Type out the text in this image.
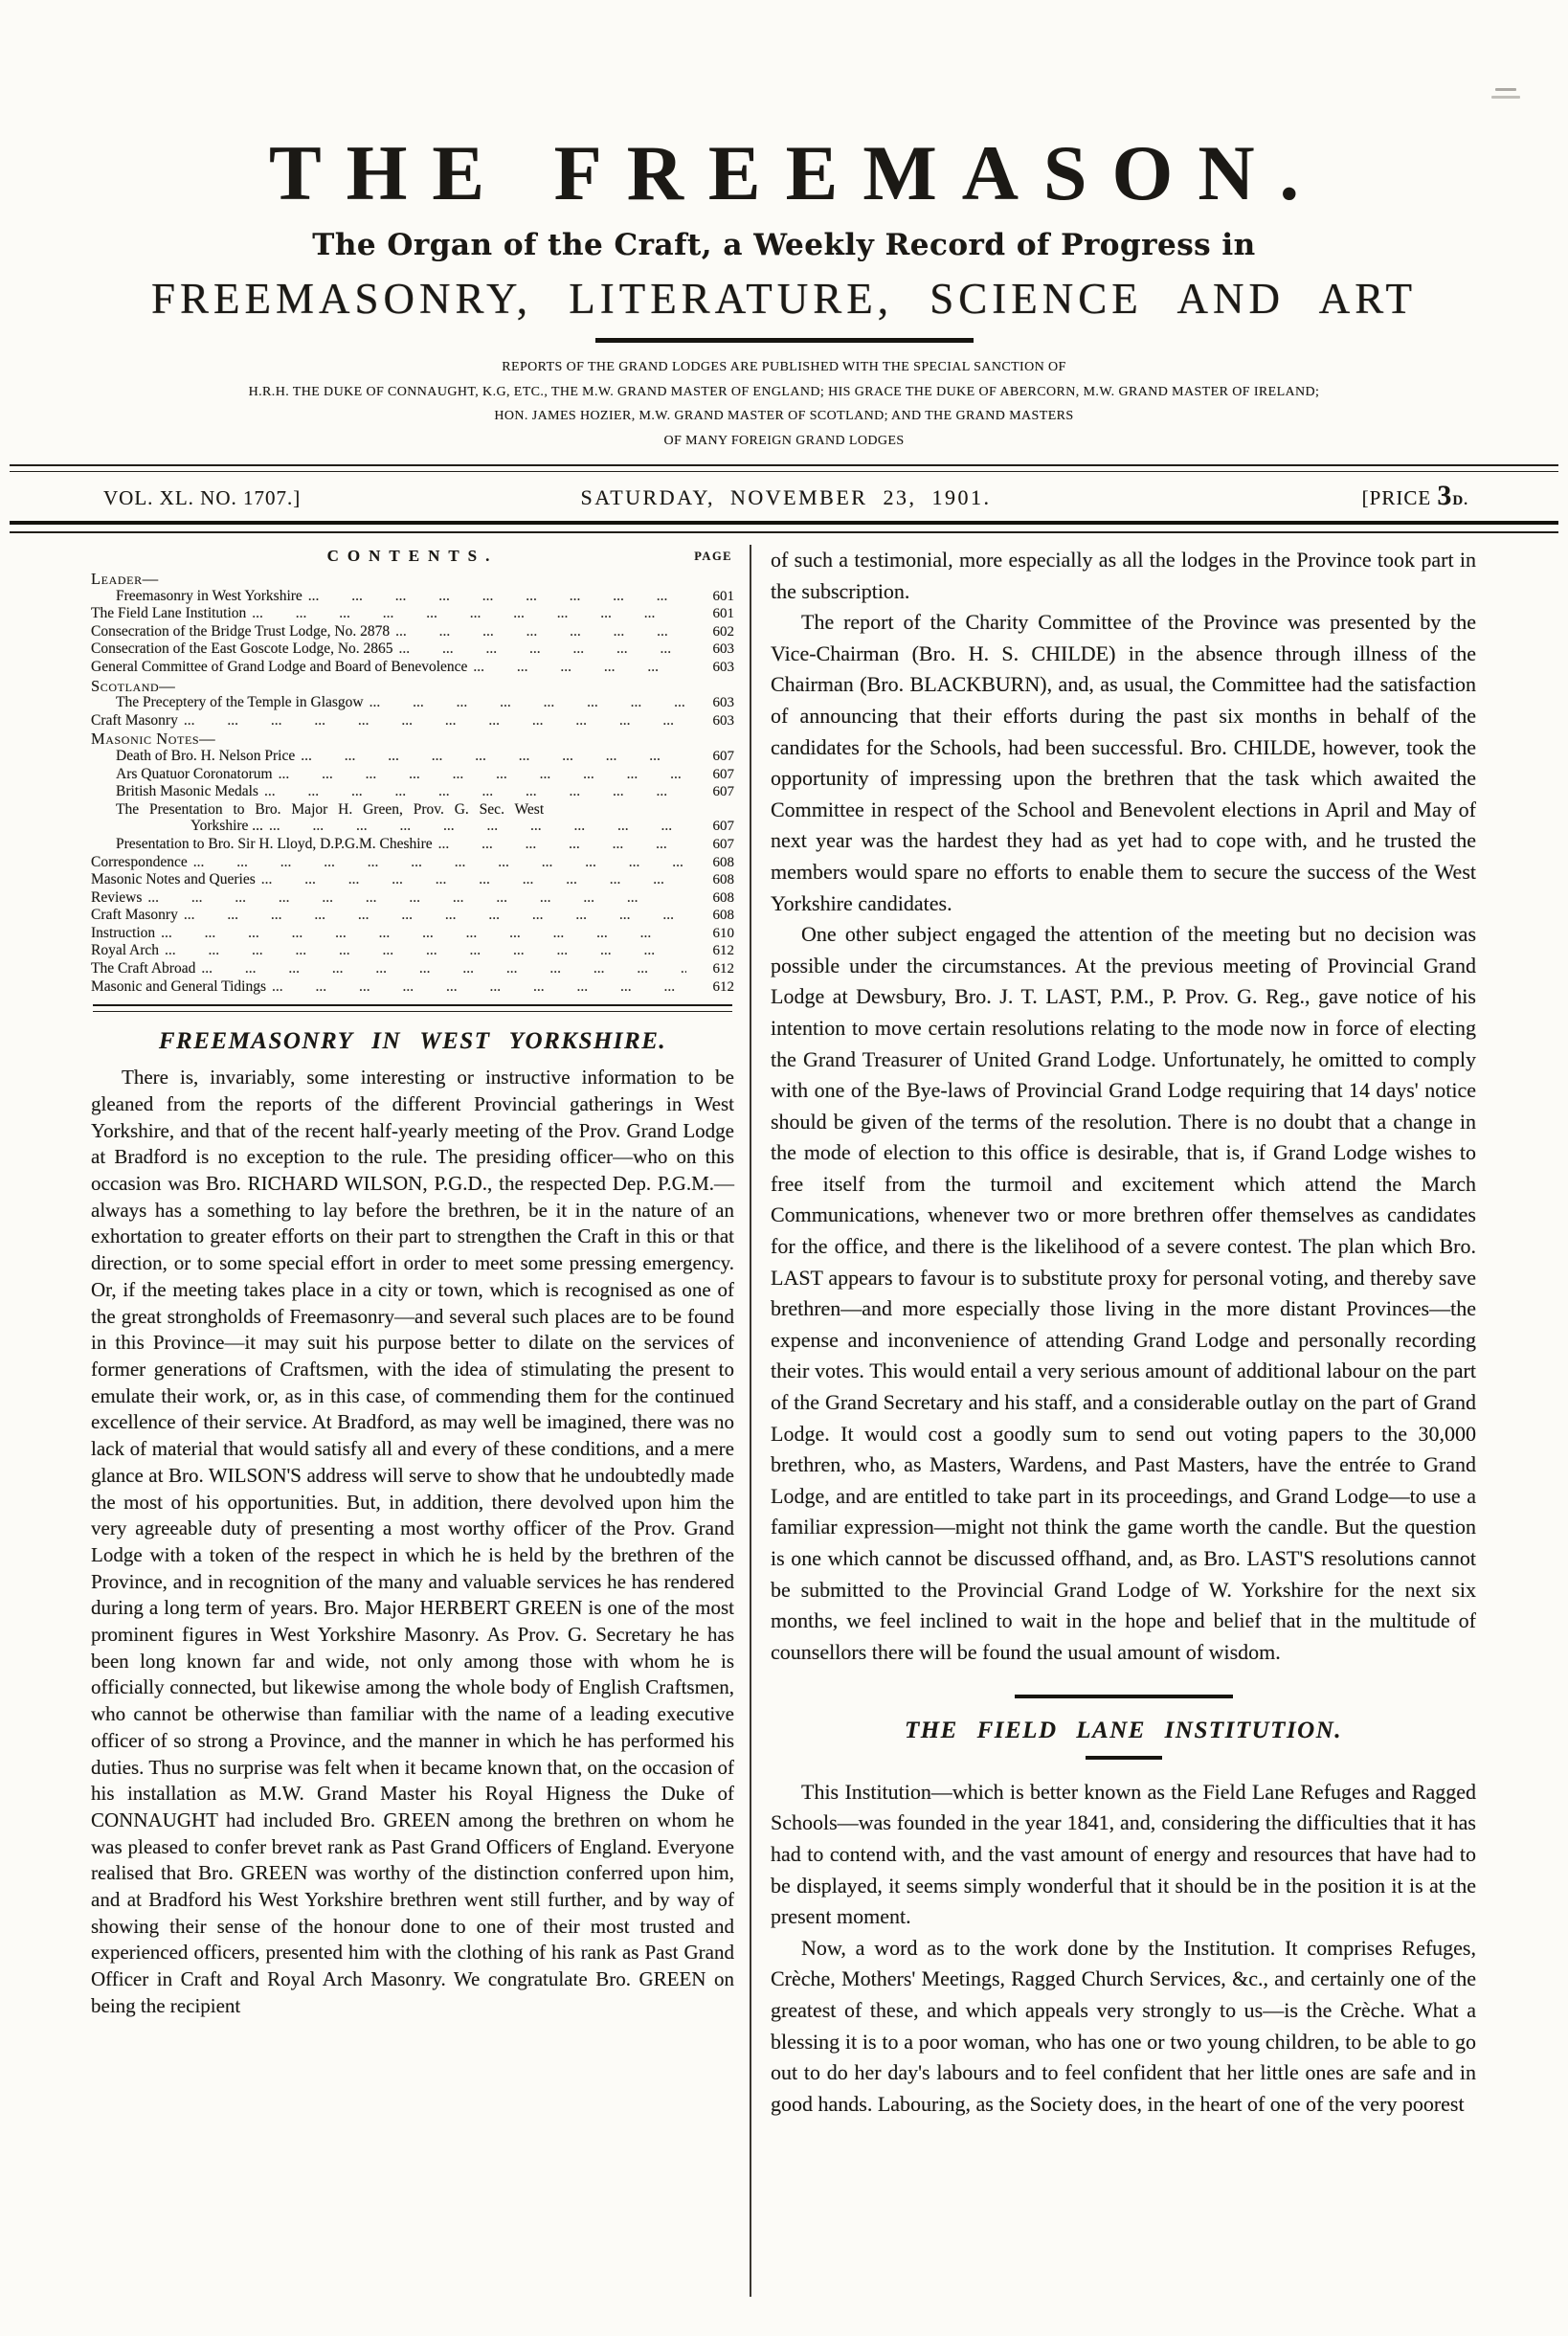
THE FREEMASON.
The Organ of the Craft, a Weekly Record of Progress in
FREEMASONRY, LITERATURE, SCIENCE AND ART
REPORTS OF THE GRAND LODGES ARE PUBLISHED WITH THE SPECIAL SANCTION OF
H.R.H. THE DUKE OF CONNAUGHT, K.G, ETC., THE M.W. GRAND MASTER OF ENGLAND; HIS GRACE THE DUKE OF ABERCORN, M.W. GRAND MASTER OF IRELAND;
HON. JAMES HOZIER, M.W. GRAND MASTER OF SCOTLAND; AND THE GRAND MASTERS
OF MANY FOREIGN GRAND LODGES
VOL. XL. NO. 1707.]	SATURDAY, NOVEMBER 23, 1901.	[PRICE 3D.
CONTENTS.	PAGE
Leader—
Freemasonry in West Yorkshire ... .	601
The Field Lane Institution ... .	601
Consecration of the Bridge Trust Lodge, No. 2878 ... .	602
Consecration of the East Goscote Lodge, No. 2865 ... .	603
General Committee of Grand Lodge and Board of Benevolence ... .	603
Scotland—
The Preceptery of the Temple in Glasgow ... .	603
Craft Masonry ... .	603
Masonic Notes—
Death of Bro. H. Nelson Price ... .	607
Ars Quatuor Coronatorum ... .	607
British Masonic Medals ... .	607
The Presentation to Bro. Major H. Green, Prov. G. Sec. West
Yorkshire ... ... .	607
Presentation to Bro. Sir H. Lloyd, D.P.G.M. Cheshire ... .	607
Correspondence ... .	608
Masonic Notes and Queries ... .	608
Reviews ... .	608
Craft Masonry ... .	608
Instruction ... .	610
Royal Arch ... .	612
The Craft Abroad ... .	612
Masonic and General Tidings ... .	612
FREEMASONRY IN WEST YORKSHIRE.

There is, invariably, some interesting or instructive information to be gleaned from the reports of the different Provincial gatherings in West Yorkshire, and that of the recent half-yearly meeting of the Prov. Grand Lodge at Bradford is no exception to the rule. The presiding officer—who on this occasion was Bro. RICHARD WILSON, P.G.D., the respected Dep. P.G.M.—always has a something to lay before the brethren, be it in the nature of an exhortation to greater efforts on their part to strengthen the Craft in this or that direction, or to some special effort in order to meet some pressing emergency. Or, if the meeting takes place in a city or town, which is recognised as one of the great strongholds of Freemasonry—and several such places are to be found in this Province—it may suit his purpose better to dilate on the services of former generations of Craftsmen, with the idea of stimulating the present to emulate their work, or, as in this case, of commending them for the continued excellence of their service. At Bradford, as may well be imagined, there was no lack of material that would satisfy all and every of these conditions, and a mere glance at Bro. WILSON'S address will serve to show that he undoubtedly made the most of his opportunities. But, in addition, there devolved upon him the very agreeable duty of presenting a most worthy officer of the Prov. Grand Lodge with a token of the respect in which he is held by the brethren of the Province, and in recognition of the many and valuable services he has rendered during a long term of years. Bro. Major HERBERT GREEN is one of the most prominent figures in West Yorkshire Masonry. As Prov. G. Secretary he has been long known far and wide, not only among those with whom he is officially connected, but likewise among the whole body of English Craftsmen, who cannot be otherwise than familiar with the name of a leading executive officer of so strong a Province, and the manner in which he has performed his duties. Thus no surprise was felt when it became known that, on the occasion of his installation as M.W. Grand Master his Royal Higness the Duke of CONNAUGHT had included Bro. GREEN among the brethren on whom he was pleased to confer brevet rank as Past Grand Officers of England. Everyone realised that Bro. GREEN was worthy of the distinction conferred upon him, and at Bradford his West Yorkshire brethren went still further, and by way of showing their sense of the honour done to one of their most trusted and experienced officers, presented him with the clothing of his rank as Past Grand Officer in Craft and Royal Arch Masonry. We congratulate Bro. GREEN on being the recipient

of such a testimonial, more especially as all the lodges in the Province took part in the subscription.

The report of the Charity Committee of the Province was presented by the Vice-Chairman (Bro. H. S. CHILDE) in the absence through illness of the Chairman (Bro. BLACKBURN), and, as usual, the Committee had the satisfaction of announcing that their efforts during the past six months in behalf of the candidates for the Schools, had been successful. Bro. CHILDE, however, took the opportunity of impressing upon the brethren that the task which awaited the Committee in respect of the School and Benevolent elections in April and May of next year was the hardest they had as yet had to cope with, and he trusted the members would spare no efforts to enable them to secure the success of the West Yorkshire candidates.

One other subject engaged the attention of the meeting but no decision was possible under the circumstances. At the previous meeting of Provincial Grand Lodge at Dewsbury, Bro. J. T. LAST, P.M., P. Prov. G. Reg., gave notice of his intention to move certain resolutions relating to the mode now in force of electing the Grand Treasurer of United Grand Lodge. Unfortunately, he omitted to comply with one of the Bye-laws of Provincial Grand Lodge requiring that 14 days' notice should be given of the terms of the resolution. There is no doubt that a change in the mode of election to this office is desirable, that is, if Grand Lodge wishes to free itself from the turmoil and excitement which attend the March Communications, whenever two or more brethren offer themselves as candidates for the office, and there is the likelihood of a severe contest. The plan which Bro. LAST appears to favour is to substitute proxy for personal voting, and thereby save brethren—and more especially those living in the more distant Provinces—the expense and inconvenience of attending Grand Lodge and personally recording their votes. This would entail a very serious amount of additional labour on the part of the Grand Secretary and his staff, and a considerable outlay on the part of Grand Lodge. It would cost a goodly sum to send out voting papers to the 30,000 brethren, who, as Masters, Wardens, and Past Masters, have the entrée to Grand Lodge, and are entitled to take part in its proceedings, and Grand Lodge—to use a familiar expression—might not think the game worth the candle. But the question is one which cannot be discussed offhand, and, as Bro. LAST'S resolutions cannot be submitted to the Provincial Grand Lodge of W. Yorkshire for the next six months, we feel inclined to wait in the hope and belief that in the multitude of counsellors there will be found the usual amount of wisdom.

THE FIELD LANE INSTITUTION.

This Institution—which is better known as the Field Lane Refuges and Ragged Schools—was founded in the year 1841, and, considering the difficulties that it has had to contend with, and the vast amount of energy and resources that have had to be displayed, it seems simply wonderful that it should be in the position it is at the present moment.

Now, a word as to the work done by the Institution. It comprises Refuges, Crèche, Mothers' Meetings, Ragged Church Services, &c., and certainly one of the greatest of these, and which appeals very strongly to us—is the Crèche. What a blessing it is to a poor woman, who has one or two young children, to be able to go out to do her day's labours and to feel confident that her little ones are safe and in good hands. Labouring, as the Society does, in the heart of one of the very poorest
